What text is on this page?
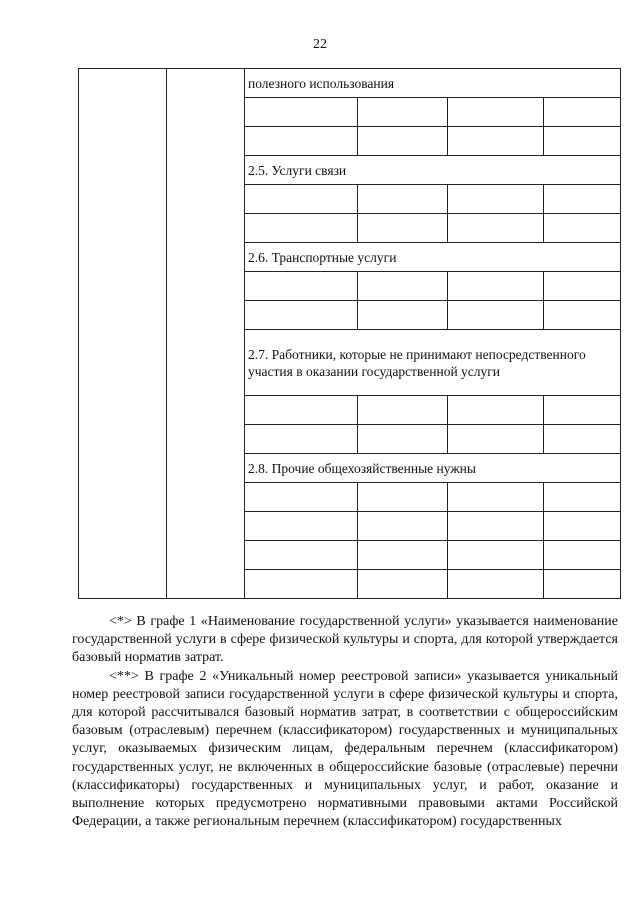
22
		полезного использования				

		2.5. Услуги связи				

		2.6. Транспортные услуги				

		2.7. Работники, которые не принимают непосредственного участия в оказании государственной услуги				

		2.8. Прочие общехозяйственные нужны				

<*> В графе 1 «Наименование государственной услуги» указывается наименование государственной услуги в сфере физической культуры и спорта, для которой утверждается базовый норматив затрат.

<**> В графе 2 «Уникальный номер реестровой записи» указывается уникальный номер реестровой записи государственной услуги в сфере физической культуры и спорта, для которой рассчитывался базовый норматив затрат, в соответствии с общероссийским базовым (отраслевым) перечнем (классификатором) государственных и муниципальных услуг, оказываемых физическим лицам, федеральным перечнем (классификатором) государственных услуг, не включенных в общероссийские базовые (отраслевые) перечни (классификаторы) государственных и муниципальных услуг, и работ, оказание и выполнение которых предусмотрено нормативными правовыми актами Российской Федерации, а также региональным перечнем (классификатором) государственных
